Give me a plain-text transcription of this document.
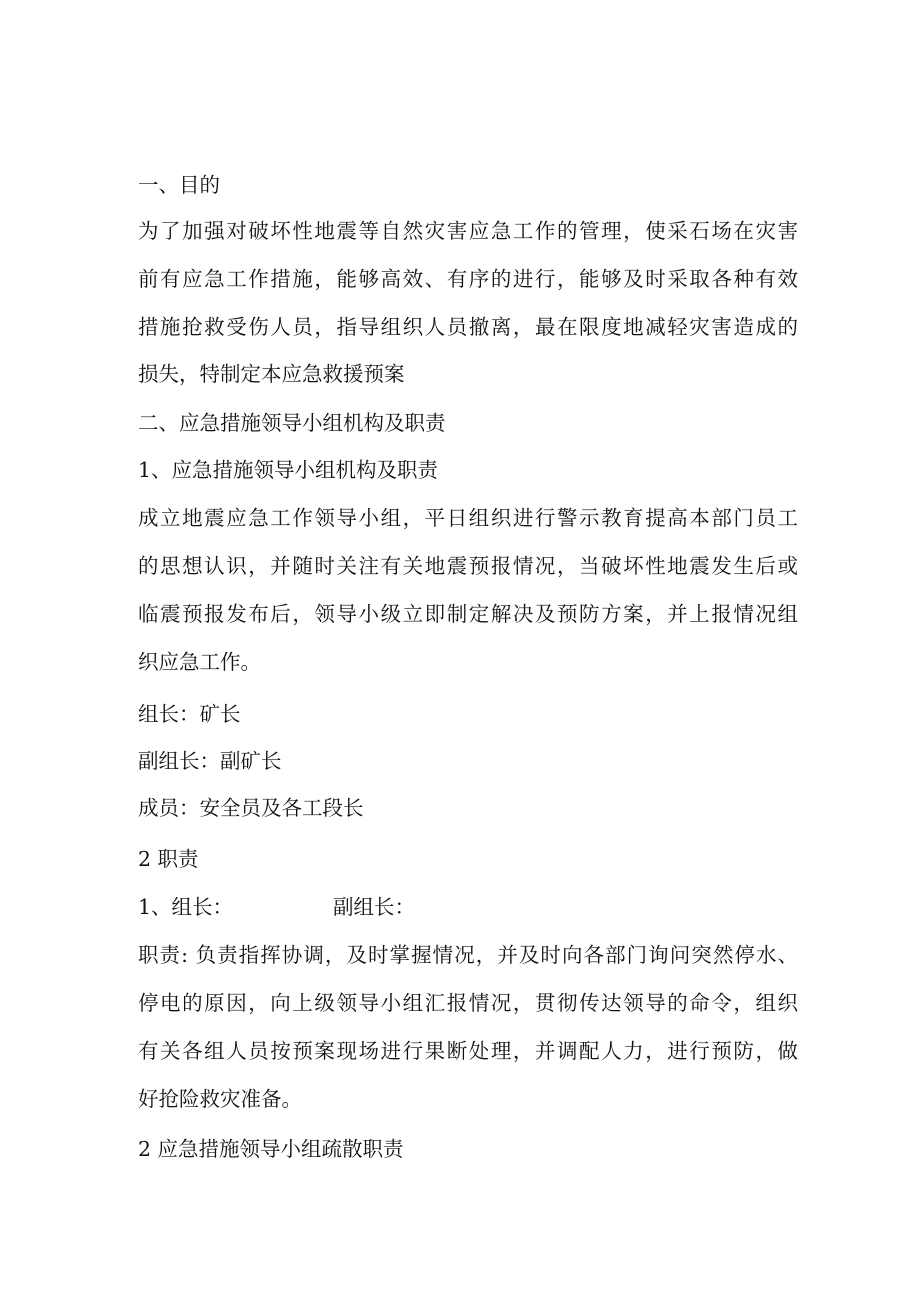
一、目的
为了加强对破坏性地震等自然灾害应急工作的管理，使采石场在灾害
前有应急工作措施，能够高效、有序的进行，能够及时采取各种有效
措施抢救受伤人员，指导组织人员撤离，最在限度地减轻灾害造成的
损失，特制定本应急救援预案
二、应急措施领导小组机构及职责
1、应急措施领导小组机构及职责
成立地震应急工作领导小组，平日组织进行警示教育提高本部门员工
的思想认识，并随时关注有关地震预报情况，当破坏性地震发生后或
临震预报发布后，领导小级立即制定解决及预防方案，并上报情况组
织应急工作。
组长：矿长
副组长：副矿长
成员：安全员及各工段长
2 职责
1、组长：	副组长：
职责: 负责指挥协调，及时掌握情况，并及时向各部门询问突然停水、
停电的原因，向上级领导小组汇报情况，贯彻传达领导的命令，组织
有关各组人员按预案现场进行果断处理，并调配人力，进行预防，做
好抢险救灾准备。
2 应急措施领导小组疏散职责
